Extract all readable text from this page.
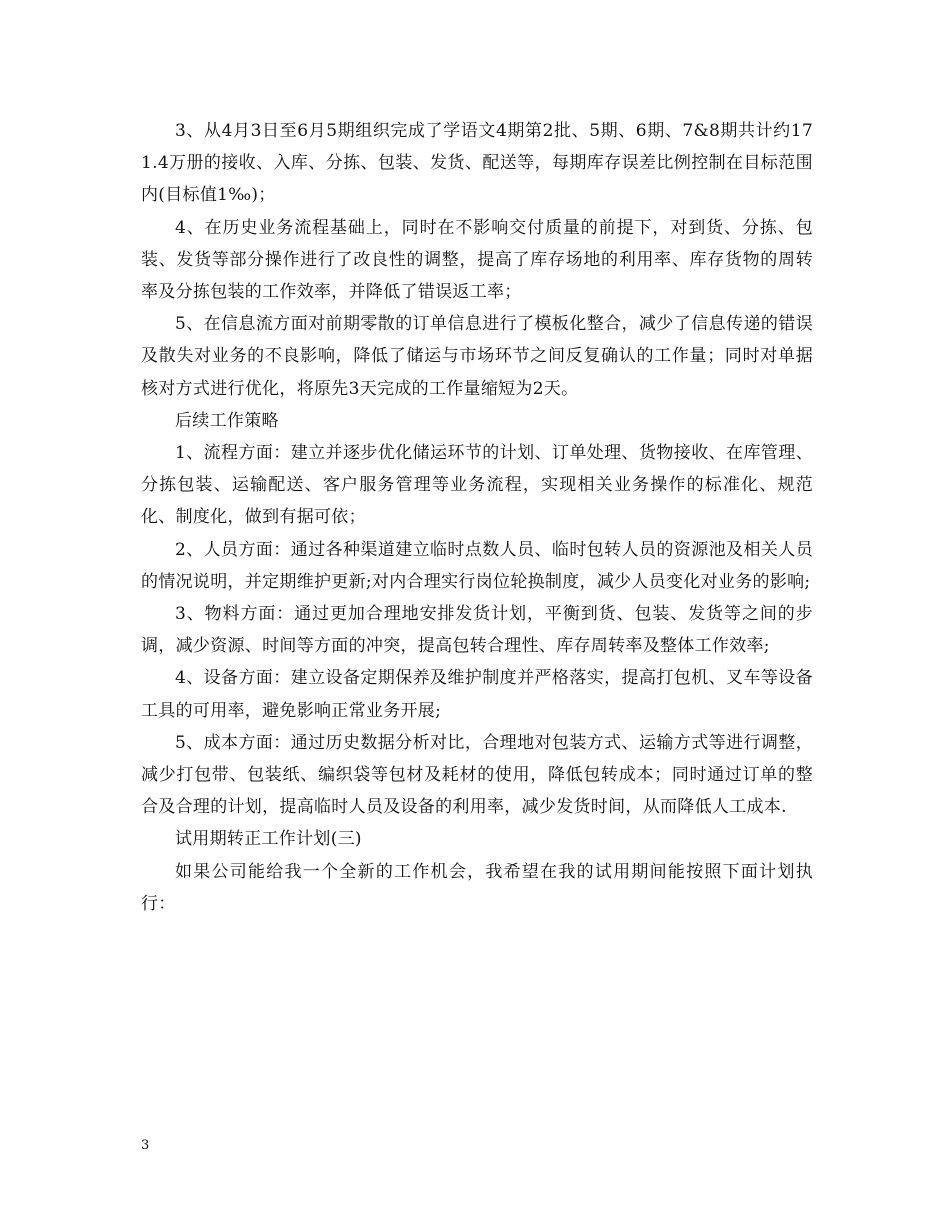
3、从4月3日至6月5期组织完成了学语文4期第2批、5期、6期、7&8期共计约171.4万册的接收、入库、分拣、包装、发货、配送等，每期库存误差比例控制在目标范围内(目标值1‰)；

4、在历史业务流程基础上，同时在不影响交付质量的前提下，对到货、分拣、包装、发货等部分操作进行了改良性的调整，提高了库存场地的利用率、库存货物的周转率及分拣包装的工作效率，并降低了错误返工率；

5、在信息流方面对前期零散的订单信息进行了模板化整合，减少了信息传递的错误及散失对业务的不良影响，降低了储运与市场环节之间反复确认的工作量；同时对单据核对方式进行优化，将原先3天完成的工作量缩短为2天。

后续工作策略

1、流程方面：建立并逐步优化储运环节的计划、订单处理、货物接收、在库管理、分拣包装、运输配送、客户服务管理等业务流程，实现相关业务操作的标准化、规范化、制度化，做到有据可依；

2、人员方面：通过各种渠道建立临时点数人员、临时包转人员的资源池及相关人员的情况说明，并定期维护更新;对内合理实行岗位轮换制度，减少人员变化对业务的影响;

3、物料方面：通过更加合理地安排发货计划，平衡到货、包装、发货等之间的步调，减少资源、时间等方面的冲突，提高包转合理性、库存周转率及整体工作效率;

4、设备方面：建立设备定期保养及维护制度并严格落实，提高打包机、叉车等设备工具的可用率，避免影响正常业务开展;

5、成本方面：通过历史数据分析对比，合理地对包装方式、运输方式等进行调整，减少打包带、包装纸、编织袋等包材及耗材的使用，降低包转成本；同时通过订单的整合及合理的计划，提高临时人员及设备的利用率，减少发货时间，从而降低人工成本.

试用期转正工作计划(三)

如果公司能给我一个全新的工作机会，我希望在我的试用期间能按照下面计划执行：

3
